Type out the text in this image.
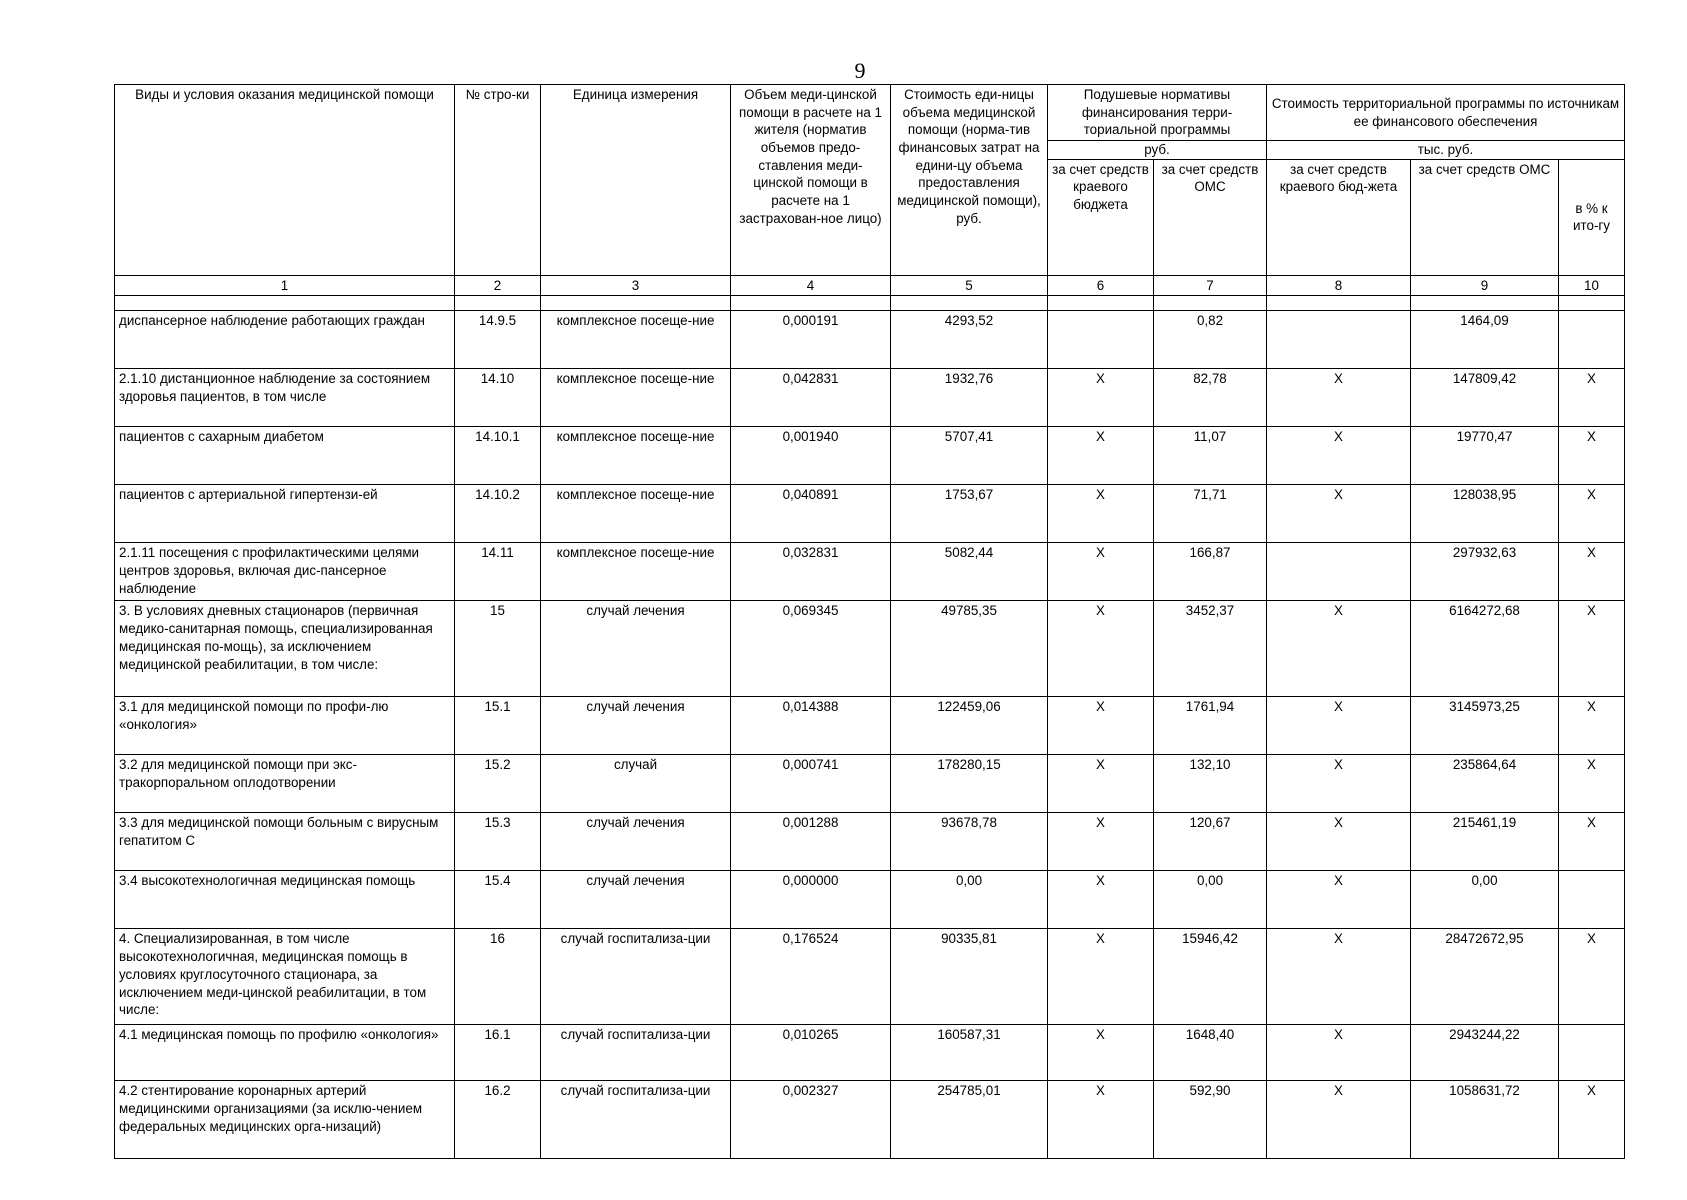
9
Виды и условия оказания медицинской помощи	№ стро-ки	Единица измерения	Объем меди-цинской помощи в расчете на 1 жителя (норматив объемов предо-ставления меди-цинской помощи в расчете на 1 застрахован-ное лицо)	Стоимость еди-ницы объема медицинской помощи (норма-тив финансовых затрат на едини-цу объема предоставления медицинской помощи), руб.	Подушевые нормативы финансирования терри-ториальной программы		Стоимость территориальной программы по источникам ее финансового обеспечения		
					руб.		тыс. руб.		
					за счет средств краевого бюджета	за счет средств ОМС	за счет средств краевого бюд-жета	за счет средств ОМС	в % к ито-гу
1	2	3	4	5	6	7	8	9	10

диспансерное наблюдение работающих граждан	14.9.5	комплексное посеще-ние	0,000191	4293,52		0,82		1464,09	
2.1.10 дистанционное наблюдение за состоянием здоровья пациентов, в том числе	14.10	комплексное посеще-ние	0,042831	1932,76	X	82,78	X	147809,42	X
пациентов с сахарным диабетом	14.10.1	комплексное посеще-ние	0,001940	5707,41	X	11,07	X	19770,47	X
пациентов с артериальной гипертензи-ей	14.10.2	комплексное посеще-ние	0,040891	1753,67	X	71,71	X	128038,95	X
2.1.11 посещения с профилактическими целями центров здоровья, включая дис-пансерное наблюдение	14.11	комплексное посеще-ние	0,032831	5082,44	X	166,87		297932,63	X
3. В условиях дневных стационаров (первичная медико-санитарная помощь, специализированная медицинская по-мощь), за исключением медицинской реабилитации, в том числе:	15	случай лечения	0,069345	49785,35	X	3452,37	X	6164272,68	X
3.1 для медицинской помощи по профи-лю «онкология»	15.1	случай лечения	0,014388	122459,06	X	1761,94	X	3145973,25	X
3.2 для медицинской помощи при экс-тракорпоральном оплодотворении	15.2	случай	0,000741	178280,15	X	132,10	X	235864,64	X
3.3 для медицинской помощи больным с вирусным гепатитом С	15.3	случай лечения	0,001288	93678,78	X	120,67	X	215461,19	X
3.4 высокотехнологичная медицинская помощь	15.4	случай лечения	0,000000	0,00	X	0,00	X	0,00	
4. Специализированная, в том числе высокотехнологичная, медицинская помощь в условиях круглосуточного стационара, за исключением меди-цинской реабилитации, в том числе:	16	случай госпитализа-ции	0,176524	90335,81	X	15946,42	X	28472672,95	X
4.1 медицинская помощь по профилю «онкология»	16.1	случай госпитализа-ции	0,010265	160587,31	X	1648,40	X	2943244,22	
4.2 стентирование коронарных артерий медицинскими организациями (за исклю-чением федеральных медицинских орга-низаций)	16.2	случай госпитализа-ции	0,002327	254785,01	X	592,90	X	1058631,72	X
